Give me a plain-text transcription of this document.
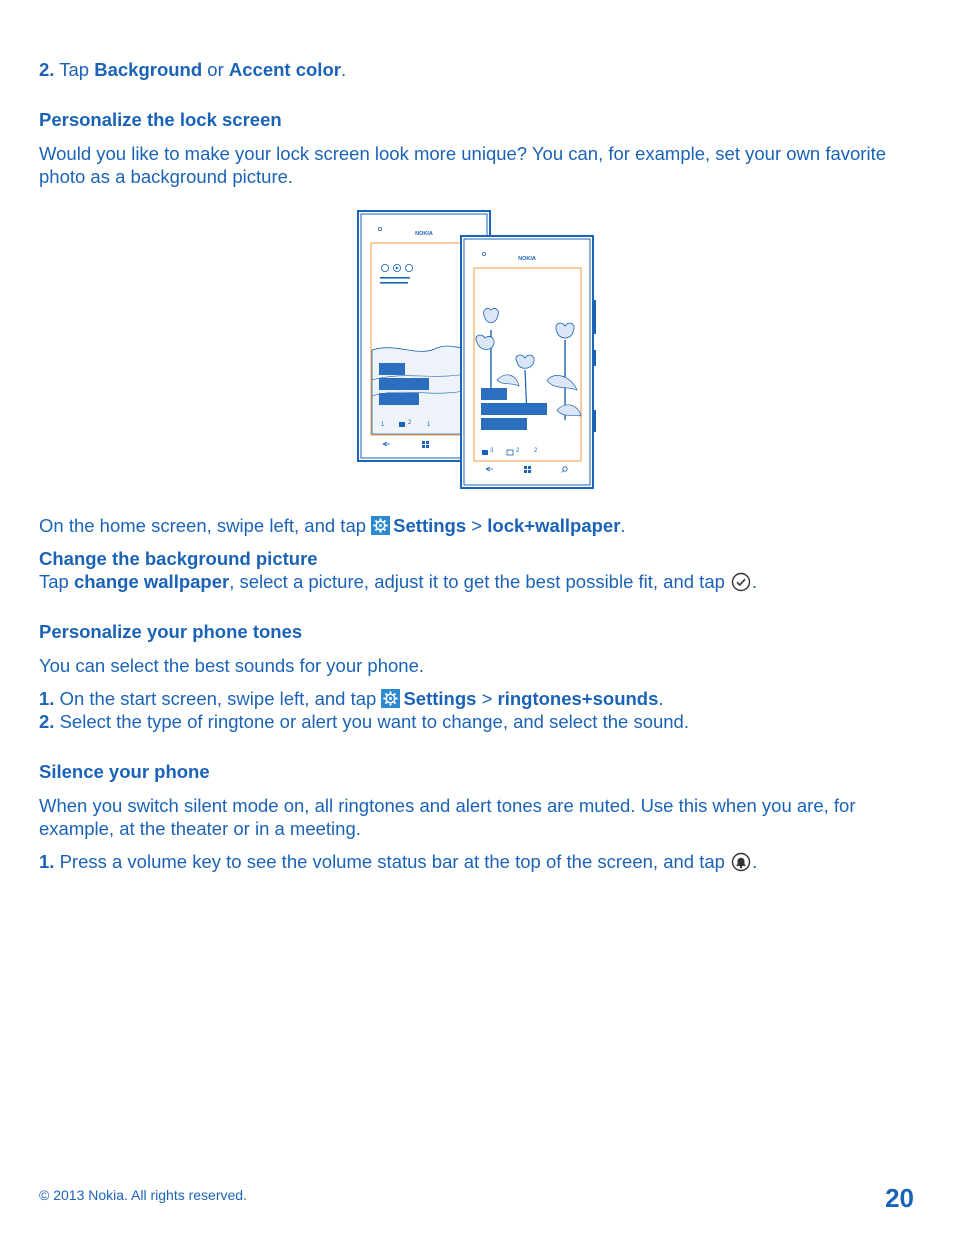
2. Tap Background or Accent color.
Personalize the lock screen
Would you like to make your lock screen look more unique? You can, for example, set your own favorite
photo as a background picture.
NOKIA
1	2	1
NOKIA
3	2 2
On the home screen, swipe left, and tap Settings > lock+wallpaper.
Change the background picture
Tap change wallpaper, select a picture, adjust it to get the best possible fit, and tap .
Personalize your phone tones
You can select the best sounds for your phone.
1. On the start screen, swipe left, and tap Settings > ringtones+sounds.
2. Select the type of ringtone or alert you want to change, and select the sound.
Silence your phone
When you switch silent mode on, all ringtones and alert tones are muted. Use this when you are, for
example, at the theater or in a meeting.
1. Press a volume key to see the volume status bar at the top of the screen, and tap .
© 2013 Nokia. All rights reserved.	20
